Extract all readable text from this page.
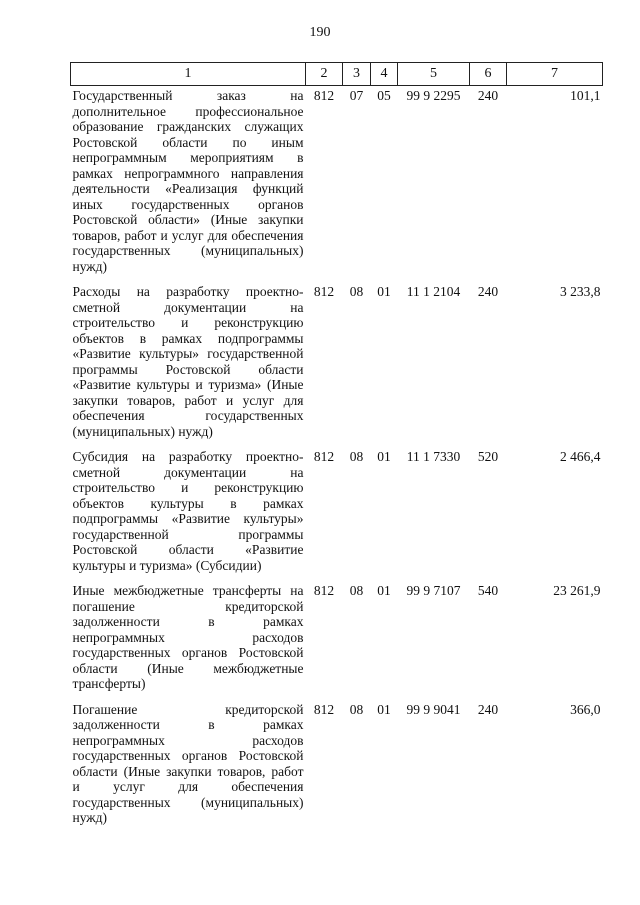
190
1	2	3	4	5	6	7
Государственный заказ на дополнительное профессиональное образование гражданских служащих Ростовской области по иным непрограммным мероприятиям в рамках непрограммного направления деятельности «Реализация функций иных государственных органов Ростовской области» (Иные закупки товаров, работ и услуг для обеспечения государственных (муниципальных) нужд)	812	07	05	99 9 2295	240	101,1
Расходы на разработку проектно-сметной документации на строительство и реконструкцию объектов в рамках подпрограммы «Развитие культуры» государственной программы Ростовской области «Развитие культуры и туризма» (Иные закупки товаров, работ и услуг для обеспечения государственных (муниципальных) нужд)	812	08	01	11 1 2104	240	3 233,8
Субсидия на разработку проектно-сметной документации на строительство и реконструкцию объектов культуры в рамках подпрограммы «Развитие культуры» государственной программы Ростовской области «Развитие культуры и туризма» (Субсидии)	812	08	01	11 1 7330	520	2 466,4
Иные межбюджетные трансферты на погашение кредиторской задолженности в рамках непрограммных расходов государственных органов Ростовской области (Иные межбюджетные трансферты)	812	08	01	99 9 7107	540	23 261,9
Погашение кредиторской задолженности в рамках непрограммных расходов государственных органов Ростовской области (Иные закупки товаров, работ и услуг для обеспечения государственных (муниципальных) нужд)	812	08	01	99 9 9041	240	366,0
